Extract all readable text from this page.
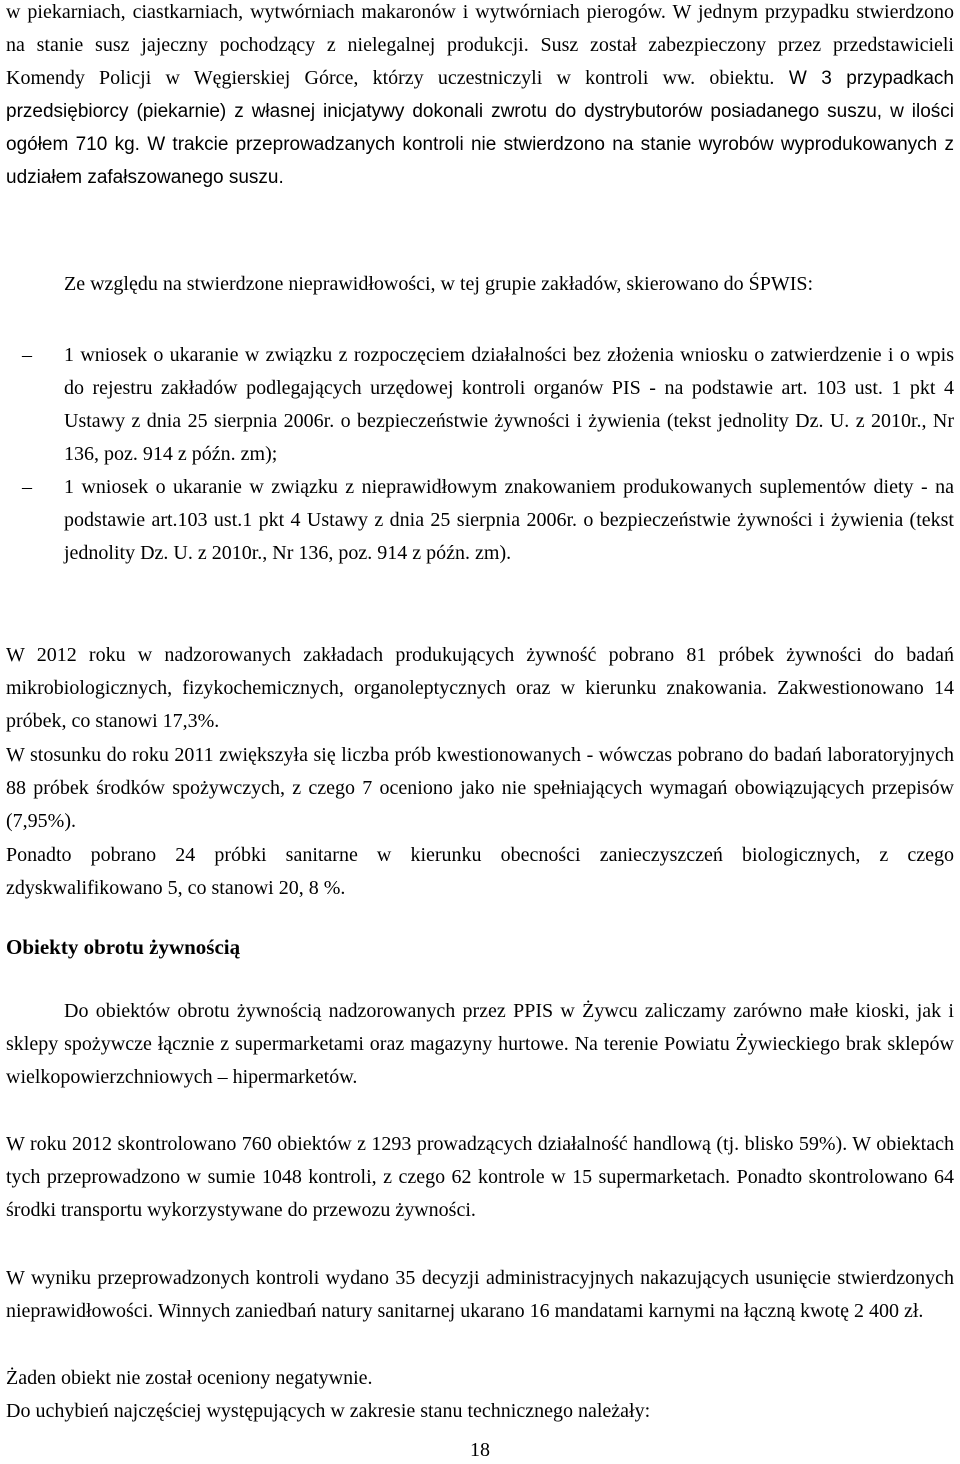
w piekarniach, ciastkarniach, wytwórniach makaronów i wytwórniach pierogów. W jednym przypadku stwierdzono na stanie susz jajeczny pochodzący z nielegalnej produkcji. Susz został zabezpieczony przez przedstawicieli Komendy Policji w Węgierskiej Górce, którzy uczestniczyli w kontroli ww. obiektu. W 3 przypadkach przedsiębiorcy (piekarnie) z własnej inicjatywy dokonali zwrotu do dystrybutorów posiadanego suszu, w ilości ogółem 710 kg. W trakcie przeprowadzanych kontroli nie stwierdzono na stanie wyrobów wyprodukowanych z udziałem zafałszowanego suszu.

Ze względu na stwierdzone nieprawidłowości, w tej grupie zakładów, skierowano do ŚPWIS:

– 1 wniosek o ukaranie w związku z rozpoczęciem działalności bez złożenia wniosku o zatwierdzenie i o wpis do rejestru zakładów podlegających urzędowej kontroli organów PIS - na podstawie art. 103 ust. 1 pkt 4 Ustawy z dnia 25 sierpnia 2006r. o bezpieczeństwie żywności i żywienia (tekst jednolity Dz. U. z 2010r., Nr 136, poz. 914 z późn. zm);
– 1 wniosek o ukaranie w związku z nieprawidłowym znakowaniem produkowanych suplementów diety - na podstawie art.103 ust.1 pkt 4 Ustawy z dnia 25 sierpnia 2006r. o bezpieczeństwie żywności i żywienia (tekst jednolity Dz. U. z 2010r., Nr 136, poz. 914 z późn. zm).

W 2012 roku w nadzorowanych zakładach produkujących żywność pobrano 81 próbek żywności do badań mikrobiologicznych, fizykochemicznych, organoleptycznych oraz w kierunku znakowania. Zakwestionowano 14 próbek, co stanowi 17,3%.

W stosunku do roku 2011 zwiększyła się liczba prób kwestionowanych - wówczas pobrano do badań laboratoryjnych 88 próbek środków spożywczych, z czego 7 oceniono jako nie spełniających wymagań obowiązujących przepisów (7,95%).

Ponadto pobrano 24 próbki sanitarne w kierunku obecności zanieczyszczeń biologicznych, z czego zdyskwalifikowano 5, co stanowi 20, 8 %.

Obiekty obrotu żywnością

Do obiektów obrotu żywnością nadzorowanych przez PPIS w Żywcu zaliczamy zarówno małe kioski, jak i sklepy spożywcze łącznie z supermarketami oraz magazyny hurtowe. Na terenie Powiatu Żywieckiego brak sklepów wielkopowierzchniowych – hipermarketów.

W roku 2012 skontrolowano 760 obiektów z 1293 prowadzących działalność handlową (tj. blisko 59%). W obiektach tych przeprowadzono w sumie 1048 kontroli, z czego 62 kontrole w 15 supermarketach. Ponadto skontrolowano 64 środki transportu wykorzystywane do przewozu żywności.

W wyniku przeprowadzonych kontroli wydano 35 decyzji administracyjnych nakazujących usunięcie stwierdzonych nieprawidłowości. Winnych zaniedbań natury sanitarnej ukarano 16 mandatami karnymi na łączną kwotę 2 400 zł.

Żaden obiekt nie został oceniony negatywnie.

Do uchybień najczęściej występujących w zakresie stanu technicznego należały:

18
